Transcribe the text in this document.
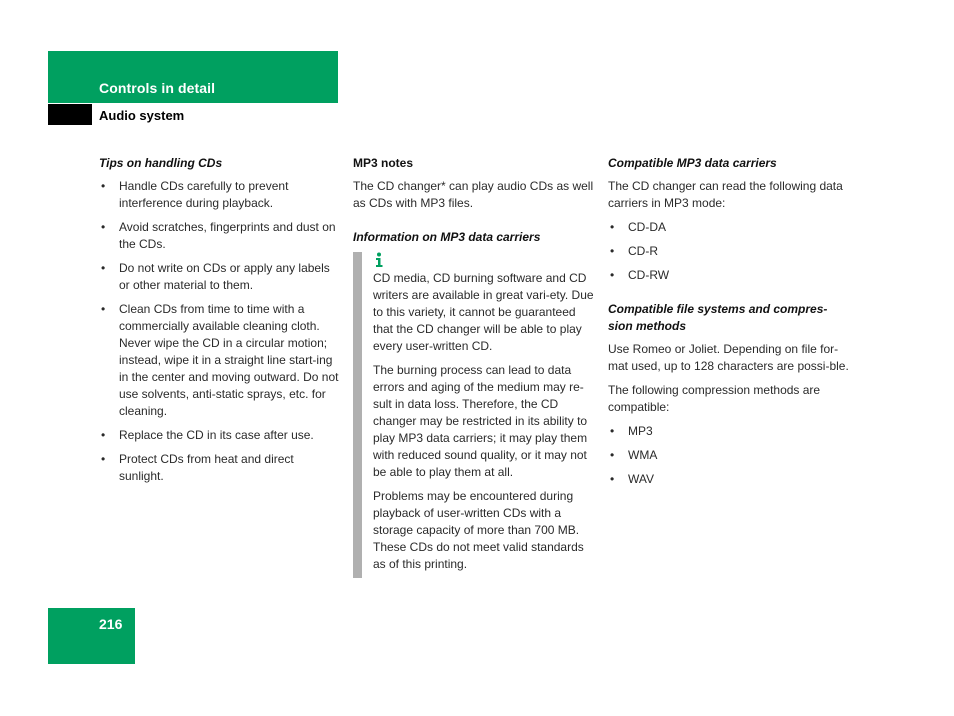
Controls in detail
Audio system
Tips on handling CDs
• Handle CDs carefully to prevent interference during playback.
• Avoid scratches, fingerprints and dust on the CDs.
• Do not write on CDs or apply any labels or other material to them.
• Clean CDs from time to time with a commercially available cleaning cloth. Never wipe the CD in a circular motion; instead, wipe it in a straight line start-ing in the center and moving outward. Do not use solvents, anti-static sprays, etc. for cleaning.
• Replace the CD in its case after use.
• Protect CDs from heat and direct sunlight.
MP3 notes

The CD changer* can play audio CDs as well as CDs with MP3 files.

Information on MP3 data carriers

CD media, CD burning software and CD writers are available in great vari-ety. Due to this variety, it cannot be guaranteed that the CD changer will be able to play every user-written CD.

The burning process can lead to data errors and aging of the medium may re-sult in data loss. Therefore, the CD changer may be restricted in its ability to play MP3 data carriers; it may play them with reduced sound quality, or it may not be able to play them at all.

Problems may be encountered during playback of user-written CDs with a storage capacity of more than 700 MB. These CDs do not meet valid standards as of this printing.

Compatible MP3 data carriers

The CD changer can read the following data carriers in MP3 mode:

• CD-DA
• CD-R
• CD-RW
Compatible file systems and compres-sion methods

Use Romeo or Joliet. Depending on file for-mat used, up to 128 characters are possi-ble.

The following compression methods are compatible:

• MP3
• WMA
• WAV
216
